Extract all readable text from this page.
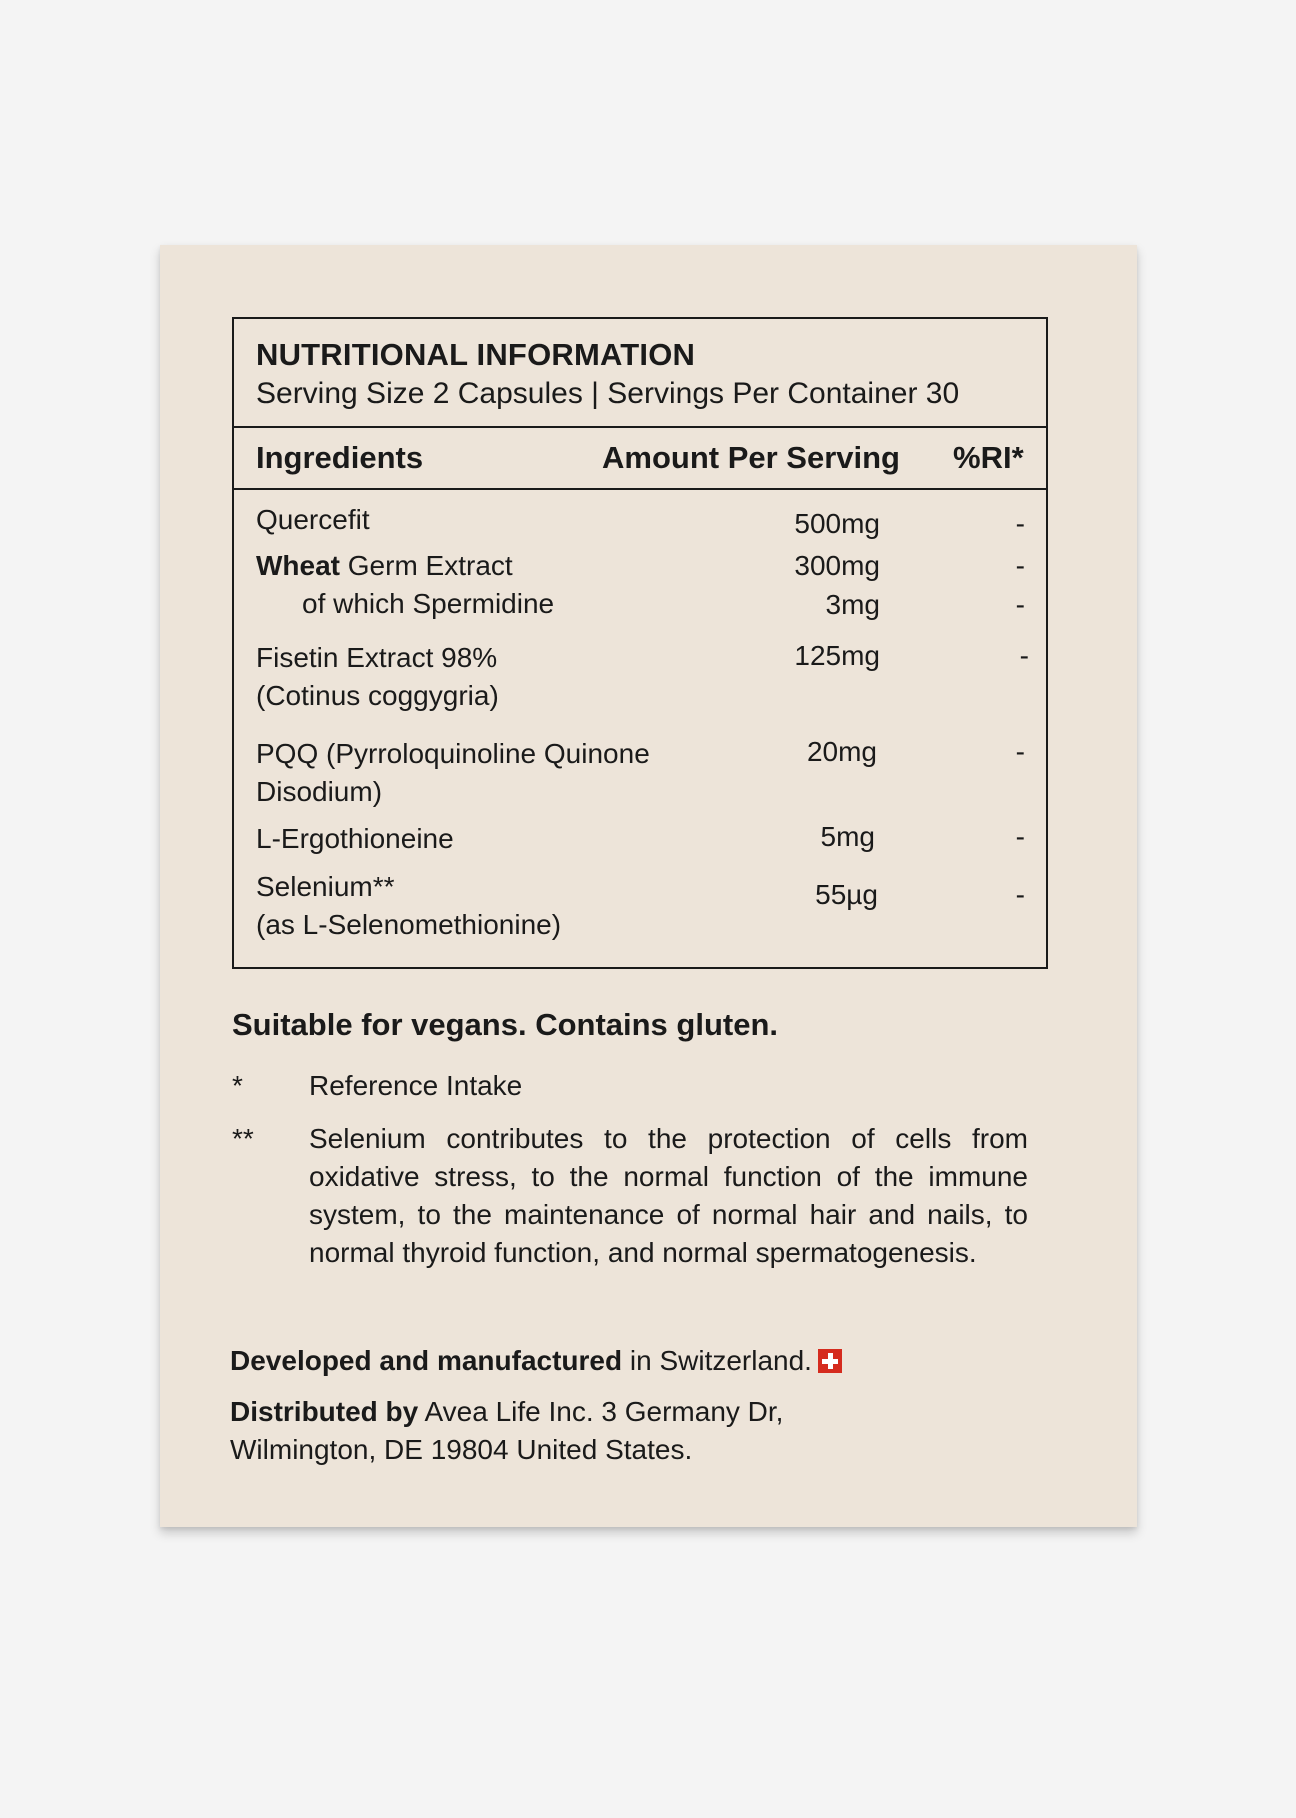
NUTRITIONAL INFORMATION
Serving Size 2 Capsules | Servings Per Container 30
Ingredients	Amount Per Serving %RI*
Quercefit	500mg	-
Wheat Germ Extract	300mg	-
of which Spermidine	3mg	-
Fisetin Extract 98%
(Cotinus coggygria)
125mg	-
PQQ (Pyrroloquinoline Quinone
Disodium)
20mg	-
L-Ergothioneine	5mg	-
Selenium**
(as L-Selenomethionine)
55µg	-
Suitable for vegans. Contains gluten.
* Reference Intake
** Selenium contributes to the protection of cells from oxidative stress, to the normal function of the immune system, to the maintenance of normal hair and nails, to normal thyroid function, and normal spermatogenesis.
Developed and manufactured in Switzerland.
Distributed by Avea Life Inc. 3 Germany Dr,
Wilmington, DE 19804 United States.
